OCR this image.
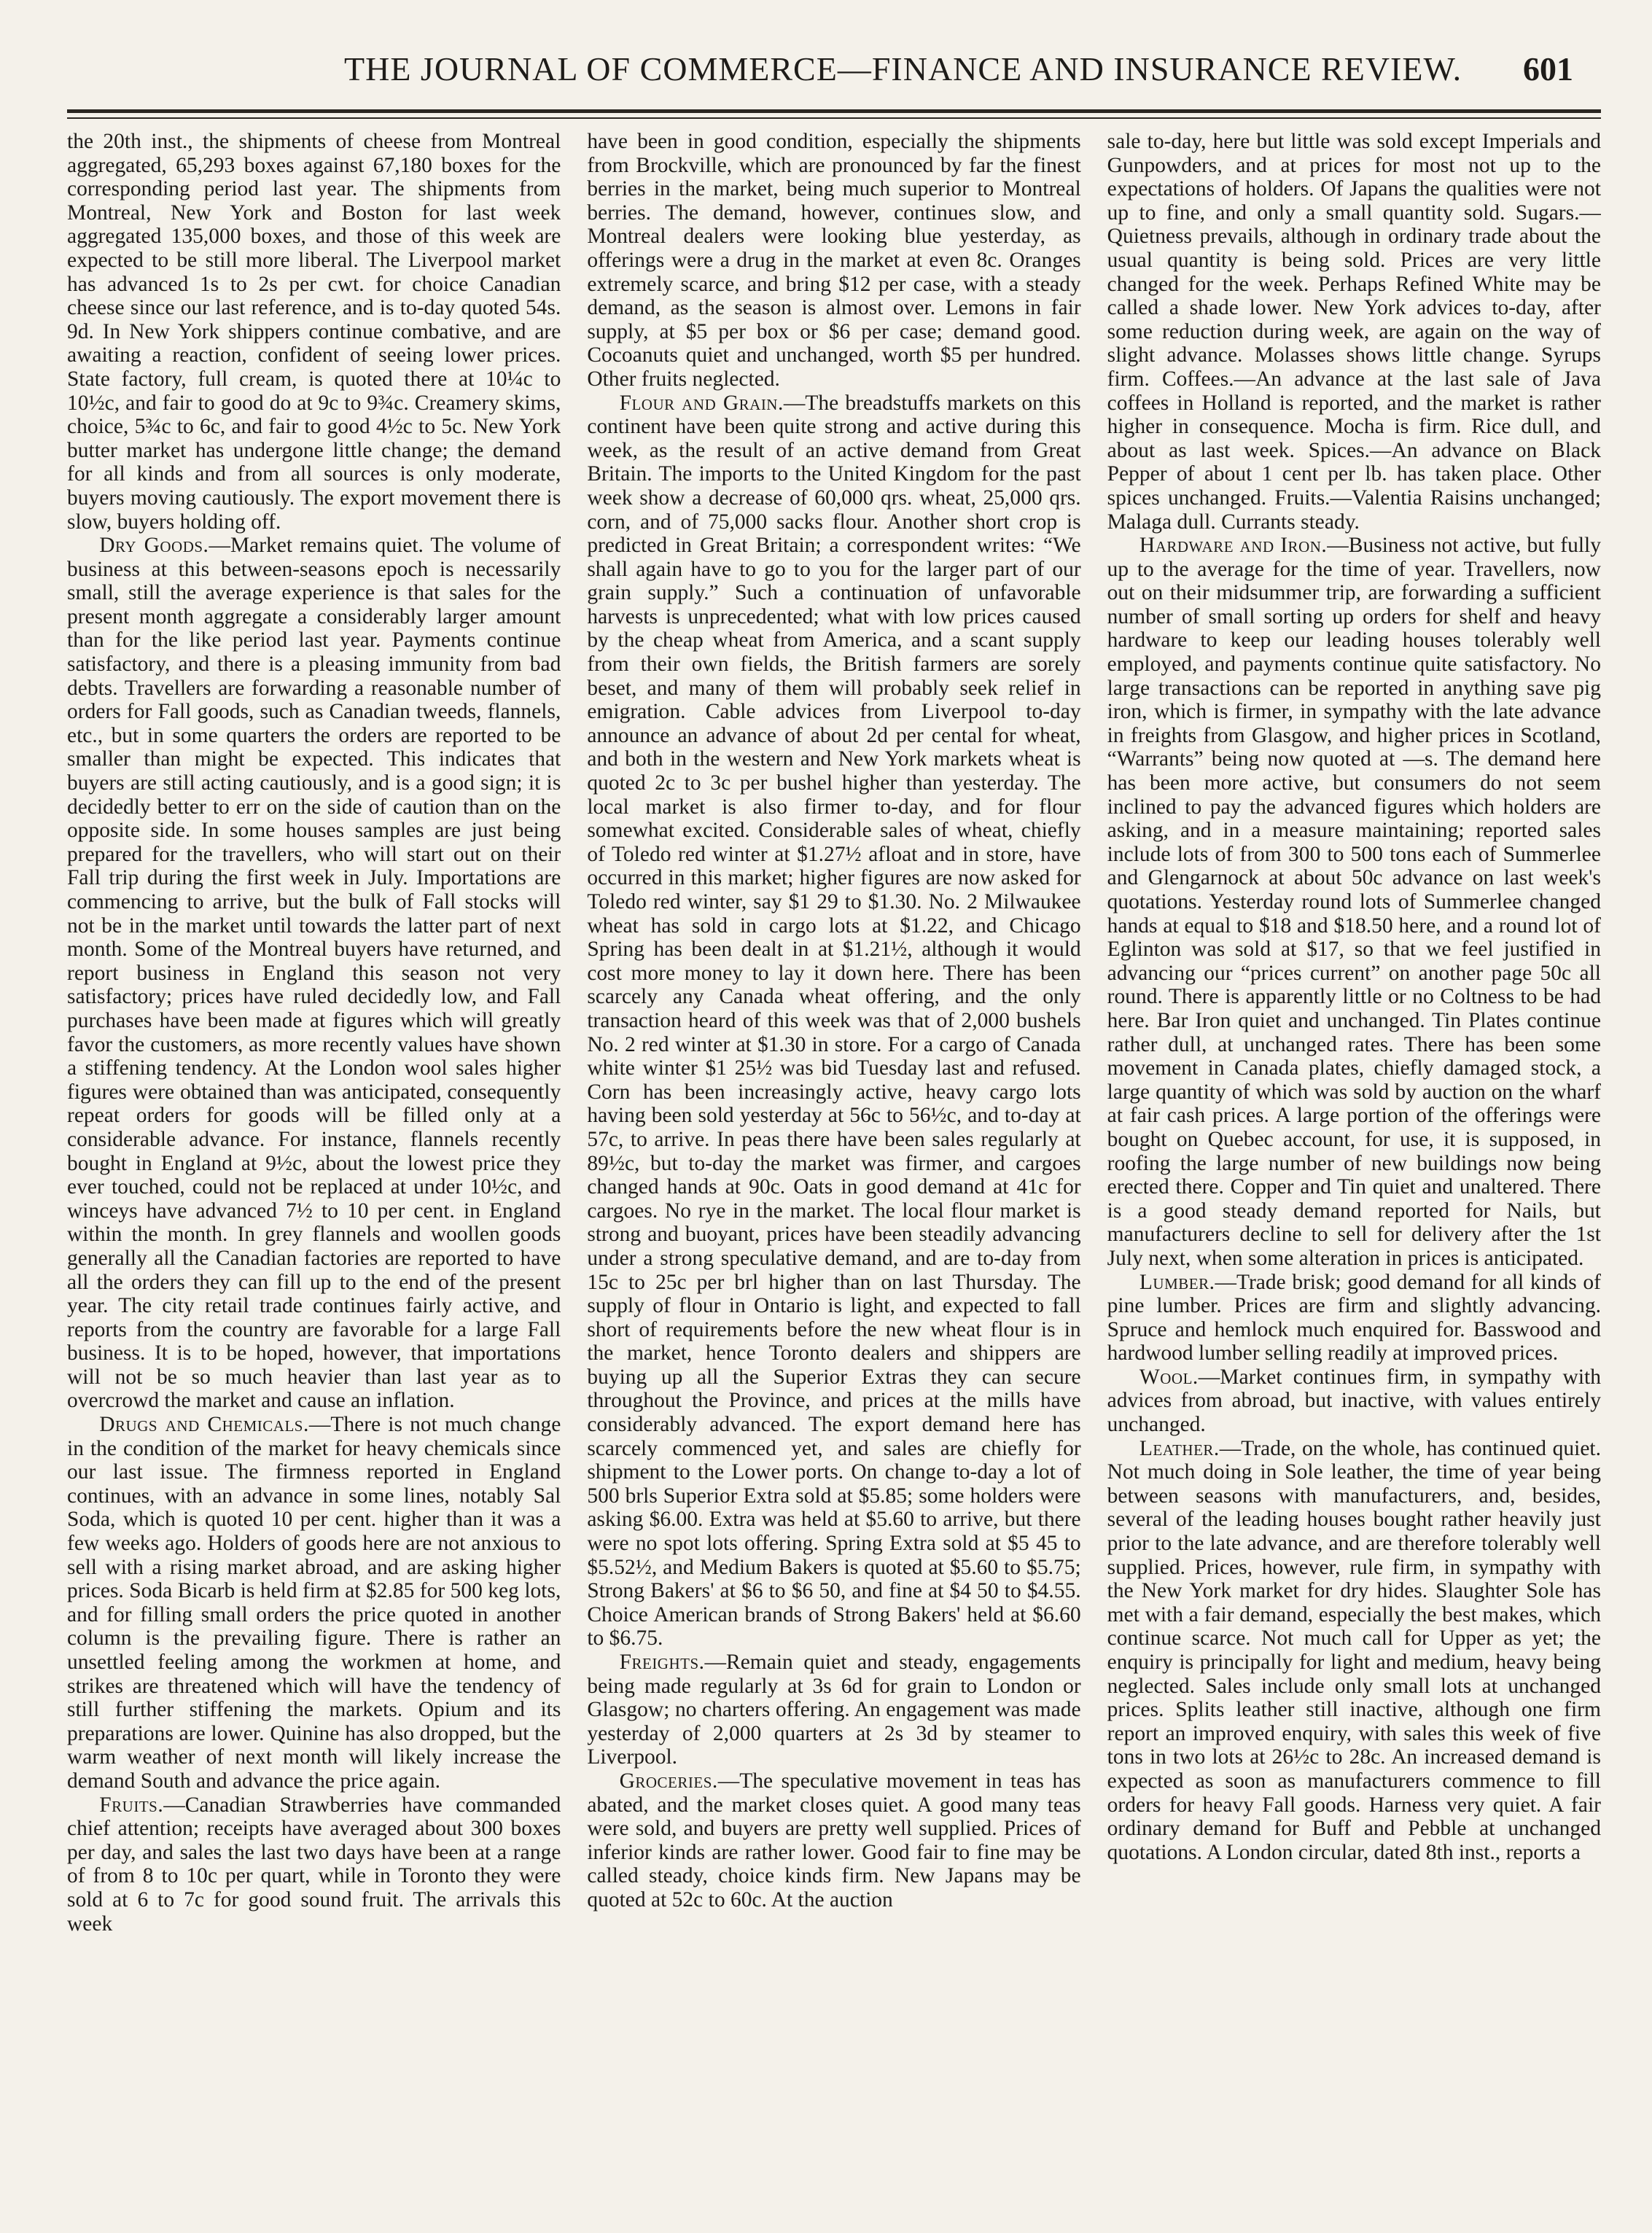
THE JOURNAL OF COMMERCE—FINANCE AND INSURANCE REVIEW. 601

the 20th inst., the shipments of cheese from Montreal aggregated, 65,293 boxes against 67,180 boxes for the corresponding period last year. The shipments from Montreal, New York and Boston for last week aggregated 135,000 boxes, and those of this week are expected to be still more liberal. The Liverpool market has advanced 1s to 2s per cwt. for choice Canadian cheese since our last reference, and is to-day quoted 54s. 9d. In New York shippers continue combative, and are awaiting a reaction, confident of seeing lower prices. State factory, full cream, is quoted there at 10¼c to 10½c, and fair to good do at 9c to 9¾c. Creamery skims, choice, 5¾c to 6c, and fair to good 4½c to 5c. New York butter market has undergone little change; the demand for all kinds and from all sources is only moderate, buyers moving cautiously. The export movement there is slow, buyers holding off.

Dry Goods.—Market remains quiet. The volume of business at this between-seasons epoch is necessarily small, still the average experience is that sales for the present month aggregate a considerably larger amount than for the like period last year. Payments continue satisfactory, and there is a pleasing immunity from bad debts. Travellers are forwarding a reasonable number of orders for Fall goods, such as Canadian tweeds, flannels, etc., but in some quarters the orders are reported to be smaller than might be expected. This indicates that buyers are still acting cautiously, and is a good sign; it is decidedly better to err on the side of caution than on the opposite side. In some houses samples are just being prepared for the travellers, who will start out on their Fall trip during the first week in July. Importations are commencing to arrive, but the bulk of Fall stocks will not be in the market until towards the latter part of next month. Some of the Montreal buyers have returned, and report business in England this season not very satisfactory; prices have ruled decidedly low, and Fall purchases have been made at figures which will greatly favor the customers, as more recently values have shown a stiffening tendency. At the London wool sales higher figures were obtained than was anticipated, consequently repeat orders for goods will be filled only at a considerable advance. For instance, flannels recently bought in England at 9½c, about the lowest price they ever touched, could not be replaced at under 10½c, and winceys have advanced 7½ to 10 per cent. in England within the month. In grey flannels and woollen goods generally all the Canadian factories are reported to have all the orders they can fill up to the end of the present year. The city retail trade continues fairly active, and reports from the country are favorable for a large Fall business. It is to be hoped, however, that importations will not be so much heavier than last year as to overcrowd the market and cause an inflation.

Drugs and Chemicals.—There is not much change in the condition of the market for heavy chemicals since our last issue. The firmness reported in England continues, with an advance in some lines, notably Sal Soda, which is quoted 10 per cent. higher than it was a few weeks ago. Holders of goods here are not anxious to sell with a rising market abroad, and are asking higher prices. Soda Bicarb is held firm at $2.85 for 500 keg lots, and for filling small orders the price quoted in another column is the prevailing figure. There is rather an unsettled feeling among the workmen at home, and strikes are threatened which will have the tendency of still further stiffening the markets. Opium and its preparations are lower. Quinine has also dropped, but the warm weather of next month will likely increase the demand South and advance the price again.

Fruits.—Canadian Strawberries have commanded chief attention; receipts have averaged about 300 boxes per day, and sales the last two days have been at a range of from 8 to 10c per quart, while in Toronto they were sold at 6 to 7c for good sound fruit. The arrivals this week

have been in good condition, especially the shipments from Brockville, which are pronounced by far the finest berries in the market, being much superior to Montreal berries. The demand, however, continues slow, and Montreal dealers were looking blue yesterday, as offerings were a drug in the market at even 8c. Oranges extremely scarce, and bring $12 per case, with a steady demand, as the season is almost over. Lemons in fair supply, at $5 per box or $6 per case; demand good. Cocoanuts quiet and unchanged, worth $5 per hundred. Other fruits neglected.

Flour and Grain.—The breadstuffs markets on this continent have been quite strong and active during this week, as the result of an active demand from Great Britain. The imports to the United Kingdom for the past week show a decrease of 60,000 qrs. wheat, 25,000 qrs. corn, and of 75,000 sacks flour. Another short crop is predicted in Great Britain; a correspondent writes: “We shall again have to go to you for the larger part of our grain supply.” Such a continuation of unfavorable harvests is unprecedented; what with low prices caused by the cheap wheat from America, and a scant supply from their own fields, the British farmers are sorely beset, and many of them will probably seek relief in emigration. Cable advices from Liverpool to-day announce an advance of about 2d per cental for wheat, and both in the western and New York markets wheat is quoted 2c to 3c per bushel higher than yesterday. The local market is also firmer to-day, and for flour somewhat excited. Considerable sales of wheat, chiefly of Toledo red winter at $1.27½ afloat and in store, have occurred in this market; higher figures are now asked for Toledo red winter, say $1 29 to $1.30. No. 2 Milwaukee wheat has sold in cargo lots at $1.22, and Chicago Spring has been dealt in at $1.21½, although it would cost more money to lay it down here. There has been scarcely any Canada wheat offering, and the only transaction heard of this week was that of 2,000 bushels No. 2 red winter at $1.30 in store. For a cargo of Canada white winter $1 25½ was bid Tuesday last and refused. Corn has been increasingly active, heavy cargo lots having been sold yesterday at 56c to 56½c, and to-day at 57c, to arrive. In peas there have been sales regularly at 89½c, but to-day the market was firmer, and cargoes changed hands at 90c. Oats in good demand at 41c for cargoes. No rye in the market. The local flour market is strong and buoyant, prices have been steadily advancing under a strong speculative demand, and are to-day from 15c to 25c per brl higher than on last Thursday. The supply of flour in Ontario is light, and expected to fall short of requirements before the new wheat flour is in the market, hence Toronto dealers and shippers are buying up all the Superior Extras they can secure throughout the Province, and prices at the mills have considerably advanced. The export demand here has scarcely commenced yet, and sales are chiefly for shipment to the Lower ports. On change to-day a lot of 500 brls Superior Extra sold at $5.85; some holders were asking $6.00. Extra was held at $5.60 to arrive, but there were no spot lots offering. Spring Extra sold at $5 45 to $5.52½, and Medium Bakers is quoted at $5.60 to $5.75; Strong Bakers' at $6 to $6 50, and fine at $4 50 to $4.55. Choice American brands of Strong Bakers' held at $6.60 to $6.75.

Freights.—Remain quiet and steady, engagements being made regularly at 3s 6d for grain to London or Glasgow; no charters offering. An engagement was made yesterday of 2,000 quarters at 2s 3d by steamer to Liverpool.

Groceries.—The speculative movement in teas has abated, and the market closes quiet. A good many teas were sold, and buyers are pretty well supplied. Prices of inferior kinds are rather lower. Good fair to fine may be called steady, choice kinds firm. New Japans may be quoted at 52c to 60c. At the auction

sale to-day, here but little was sold except Imperials and Gunpowders, and at prices for most not up to the expectations of holders. Of Japans the qualities were not up to fine, and only a small quantity sold. Sugars.—Quietness prevails, although in ordinary trade about the usual quantity is being sold. Prices are very little changed for the week. Perhaps Refined White may be called a shade lower. New York advices to-day, after some reduction during week, are again on the way of slight advance. Molasses shows little change. Syrups firm. Coffees.—An advance at the last sale of Java coffees in Holland is reported, and the market is rather higher in consequence. Mocha is firm. Rice dull, and about as last week. Spices.—An advance on Black Pepper of about 1 cent per lb. has taken place. Other spices unchanged. Fruits.—Valentia Raisins unchanged; Malaga dull. Currants steady.

Hardware and Iron.—Business not active, but fully up to the average for the time of year. Travellers, now out on their midsummer trip, are forwarding a sufficient number of small sorting up orders for shelf and heavy hardware to keep our leading houses tolerably well employed, and payments continue quite satisfactory. No large transactions can be reported in anything save pig iron, which is firmer, in sympathy with the late advance in freights from Glasgow, and higher prices in Scotland, “Warrants” being now quoted at —s. The demand here has been more active, but consumers do not seem inclined to pay the advanced figures which holders are asking, and in a measure maintaining; reported sales include lots of from 300 to 500 tons each of Summerlee and Glengarnock at about 50c advance on last week's quotations. Yesterday round lots of Summerlee changed hands at equal to $18 and $18.50 here, and a round lot of Eglinton was sold at $17, so that we feel justified in advancing our “prices current” on another page 50c all round. There is apparently little or no Coltness to be had here. Bar Iron quiet and unchanged. Tin Plates continue rather dull, at unchanged rates. There has been some movement in Canada plates, chiefly damaged stock, a large quantity of which was sold by auction on the wharf at fair cash prices. A large portion of the offerings were bought on Quebec account, for use, it is supposed, in roofing the large number of new buildings now being erected there. Copper and Tin quiet and unaltered. There is a good steady demand reported for Nails, but manufacturers decline to sell for delivery after the 1st July next, when some alteration in prices is anticipated.

Lumber.—Trade brisk; good demand for all kinds of pine lumber. Prices are firm and slightly advancing. Spruce and hemlock much enquired for. Basswood and hardwood lumber selling readily at improved prices.

Wool.—Market continues firm, in sympathy with advices from abroad, but inactive, with values entirely unchanged.

Leather.—Trade, on the whole, has continued quiet. Not much doing in Sole leather, the time of year being between seasons with manufacturers, and, besides, several of the leading houses bought rather heavily just prior to the late advance, and are therefore tolerably well supplied. Prices, however, rule firm, in sympathy with the New York market for dry hides. Slaughter Sole has met with a fair demand, especially the best makes, which continue scarce. Not much call for Upper as yet; the enquiry is principally for light and medium, heavy being neglected. Sales include only small lots at unchanged prices. Splits leather still inactive, although one firm report an improved enquiry, with sales this week of five tons in two lots at 26½c to 28c. An increased demand is expected as soon as manufacturers commence to fill orders for heavy Fall goods. Harness very quiet. A fair ordinary demand for Buff and Pebble at unchanged quotations. A London circular, dated 8th inst., reports a
